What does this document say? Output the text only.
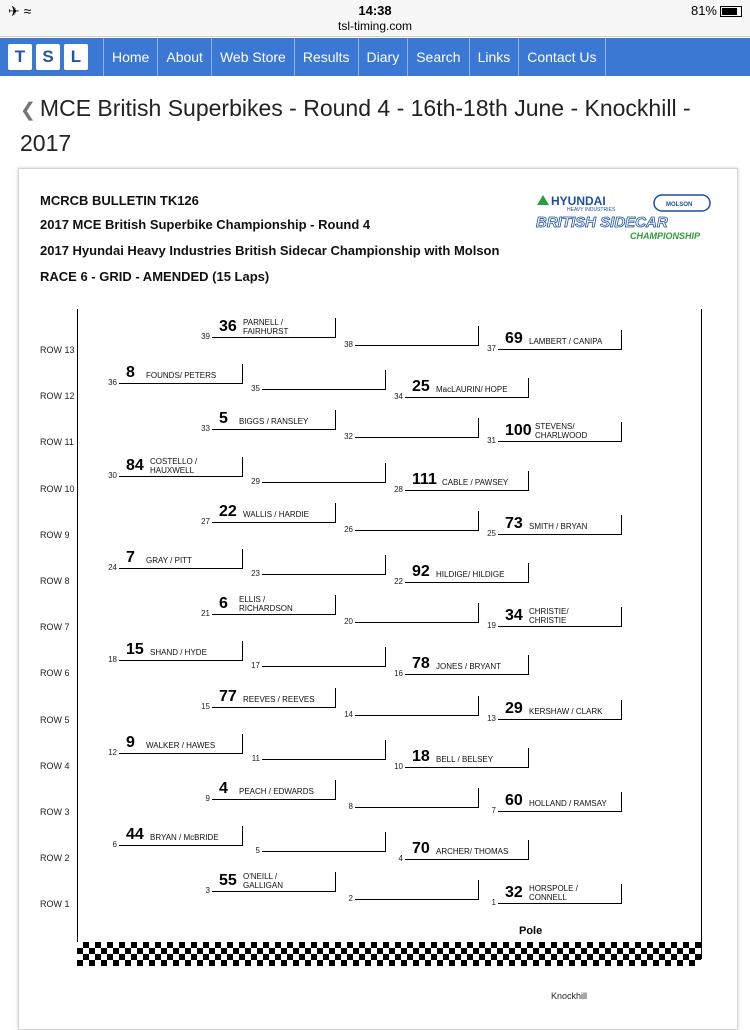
✈ ≈	14:38
tsl-timing.com
81%
T	S	L	Home	About	Web Store	Results	Diary	Search	Links	Contact Us
❮ MCE British Superbikes - Round 4 - 16th-18th June - Knockhill - 2017
MCRCB BULLETIN TK126
2017 MCE British Superbike Championship - Round 4
2017 Hyundai Heavy Industries British Sidecar Championship with Molson
RACE 6 - GRID - AMENDED (15 Laps)
HYUNDAI
HEAVY INDUSTRIES
MOLSON
BRITISH SIDECAR
CHAMPIONSHIP
ROW 13
ROW 12
ROW 11
ROW 10
ROW 9
ROW 8
ROW 7
ROW 6
ROW 5
ROW 4
ROW 3
ROW 2
ROW 1
39
36 PARNELL / FAIRHURST
38	37
69 LAMBERT / CANIPA
36
8 FOUNDS/ PETERS
35
34
25 MacLAURIN/ HOPE
33
5 BIGGS / RANSLEY
32	31
100 STEVENS/ CHARLWOOD
30
84 COSTELLO / HAUXWELL
29
28
111 CABLE / PAWSEY
27
22 WALLIS / HARDIE
26	25
73 SMITH / BRYAN
24
7 GRAY / PITT
23
22
92 HILDIGE/ HILDIGE
21
6 ELLIS / RICHARDSON
20	19
34 CHRISTIE/ CHRISTIE
18
15 SHAND / HYDE
17
16
78 JONES / BRYANT
15
77 REEVES / REEVES
14	13
29 KERSHAW / CLARK
12
9 WALKER / HAWES
11
10
18 BELL / BELSEY
9
4 PEACH / EDWARDS
8	7
60 HOLLAND / RAMSAY
6
44 BRYAN / McBRIDE
5
4
70 ARCHER/ THOMAS
3
55 O'NEILL / GALLIGAN
2	1
32 HORSPOLE / CONNELL
Pole
Knockhill
